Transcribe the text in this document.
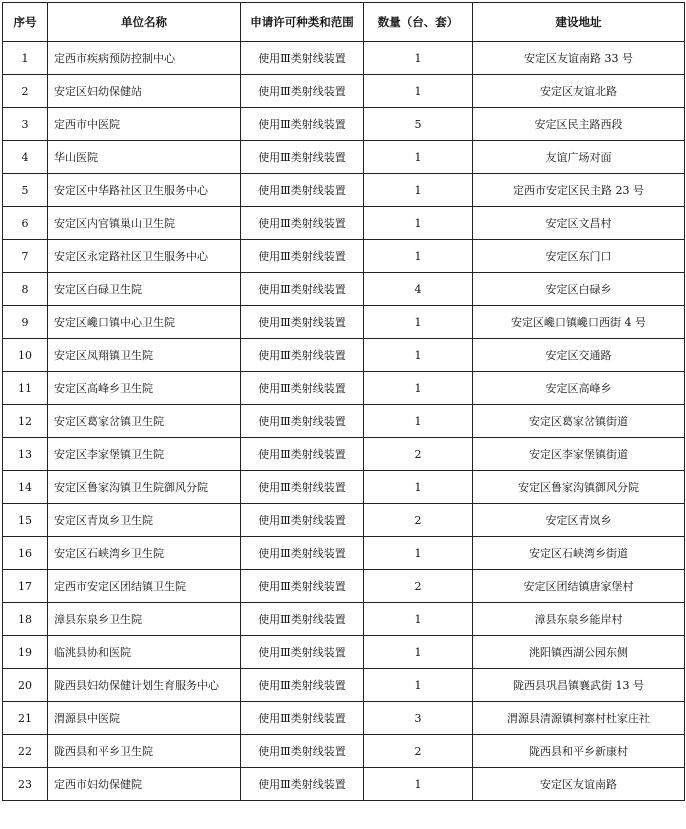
序号	单位名称	申请许可种类和范围	数量（台、套）	建设地址
1	定西市疾病预防控制中心	使用Ⅲ类射线装置	1	安定区友谊南路 33 号
2	安定区妇幼保健站	使用Ⅲ类射线装置	1	安定区友谊北路
3	定西市中医院	使用Ⅲ类射线装置	5	安定区民主路西段
4	华山医院	使用Ⅲ类射线装置	1	友谊广场对面
5	安定区中华路社区卫生服务中心	使用Ⅲ类射线装置	1	定西市安定区民主路 23 号
6	安定区内官镇巢山卫生院	使用Ⅲ类射线装置	1	安定区文昌村
7	安定区永定路社区卫生服务中心	使用Ⅲ类射线装置	1	安定区东门口
8	安定区白碌卫生院	使用Ⅲ类射线装置	4	安定区白碌乡
9	安定区巉口镇中心卫生院	使用Ⅲ类射线装置	1	安定区巉口镇巉口西街 4 号
10	安定区凤翔镇卫生院	使用Ⅲ类射线装置	1	安定区交通路
11	安定区高峰乡卫生院	使用Ⅲ类射线装置	1	安定区高峰乡
12	安定区葛家岔镇卫生院	使用Ⅲ类射线装置	1	安定区葛家岔镇街道
13	安定区李家堡镇卫生院	使用Ⅲ类射线装置	2	安定区李家堡镇街道
14	安定区鲁家沟镇卫生院御风分院	使用Ⅲ类射线装置	1	安定区鲁家沟镇御风分院
15	安定区青岚乡卫生院	使用Ⅲ类射线装置	2	安定区青岚乡
16	安定区石峡湾乡卫生院	使用Ⅲ类射线装置	1	安定区石峡湾乡街道
17	定西市安定区团结镇卫生院	使用Ⅲ类射线装置	2	安定区团结镇唐家堡村
18	漳县东泉乡卫生院	使用Ⅲ类射线装置	1	漳县东泉乡能岸村
19	临洮县协和医院	使用Ⅲ类射线装置	1	洮阳镇西湖公园东侧
20	陇西县妇幼保健计划生育服务中心	使用Ⅲ类射线装置	1	陇西县巩昌镇襄武街 13 号
21	渭源县中医院	使用Ⅲ类射线装置	3	渭源县清源镇柯寨村杜家庄社
22	陇西县和平乡卫生院	使用Ⅲ类射线装置	2	陇西县和平乡新康村
23	定西市妇幼保健院	使用Ⅲ类射线装置	1	安定区友谊南路
